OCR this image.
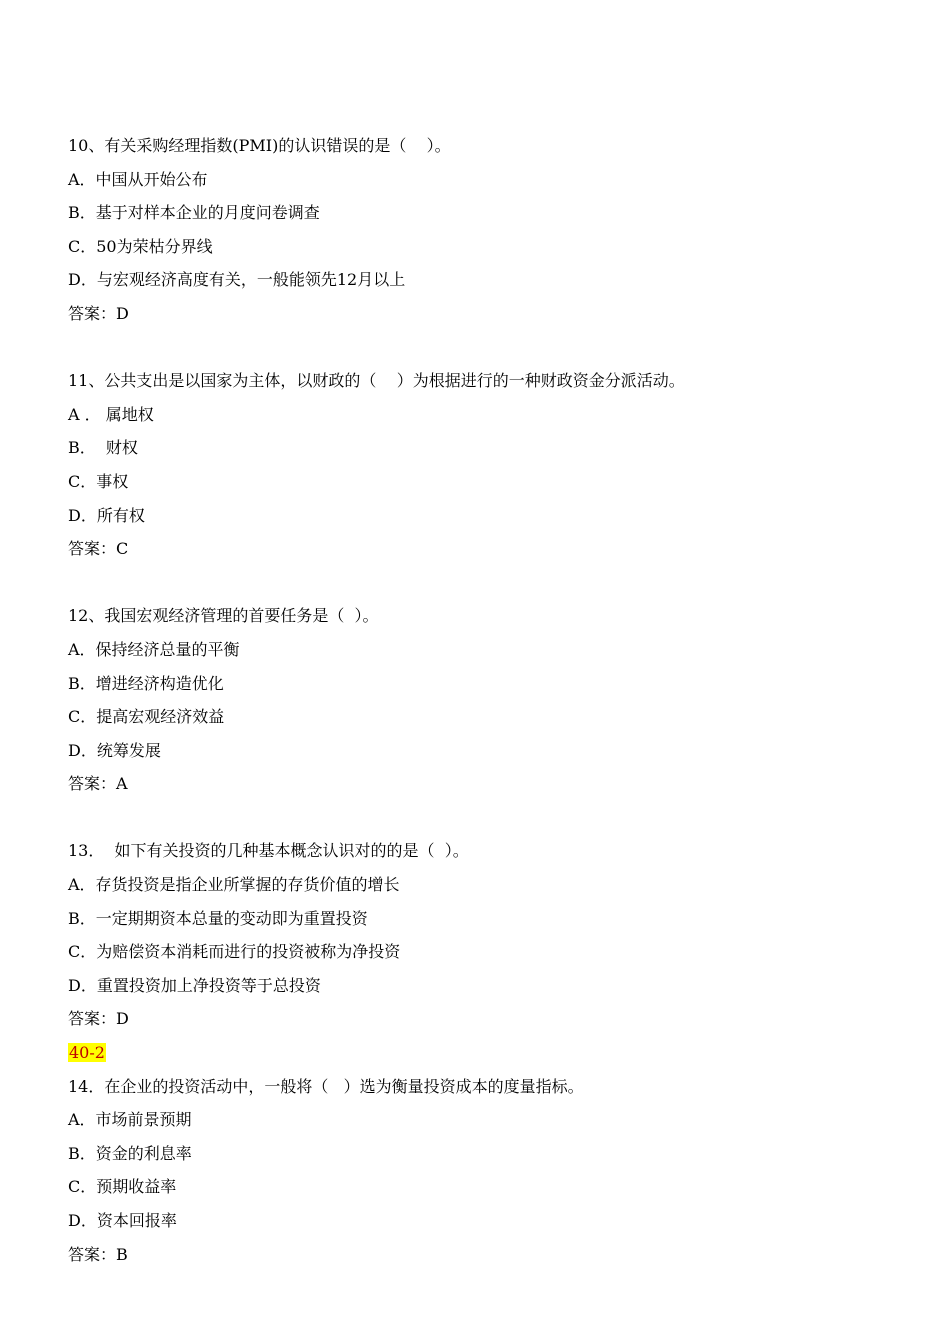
10、有关采购经理指数(PMI)的认识错误的是（    ）。
A．中国从开始公布
B．基于对样本企业的月度问卷调查
C．50为荣枯分界线
D．与宏观经济高度有关，一般能领先12月以上
答案：D
11、公共支出是以国家为主体，以财政的（    ）为根据进行的一种财政资金分派活动。
A ． 属地权
B．  财权
C．事权
D．所有权
答案：C
12、我国宏观经济管理的首要任务是（  ）。
A．保持经济总量的平衡
B．增进经济构造优化
C．提高宏观经济效益
D．统筹发展
答案：A
13．  如下有关投资的几种基本概念认识对的的是（  ）。
A．存货投资是指企业所掌握的存货价值的增长
B．一定期期资本总量的变动即为重置投资
C．为赔偿资本消耗而进行的投资被称为净投资
D．重置投资加上净投资等于总投资
答案：D
40-2
14．在企业的投资活动中，一般将（   ）选为衡量投资成本的度量指标。
A．市场前景预期
B．资金的利息率
C．预期收益率
D．资本回报率
答案：B
